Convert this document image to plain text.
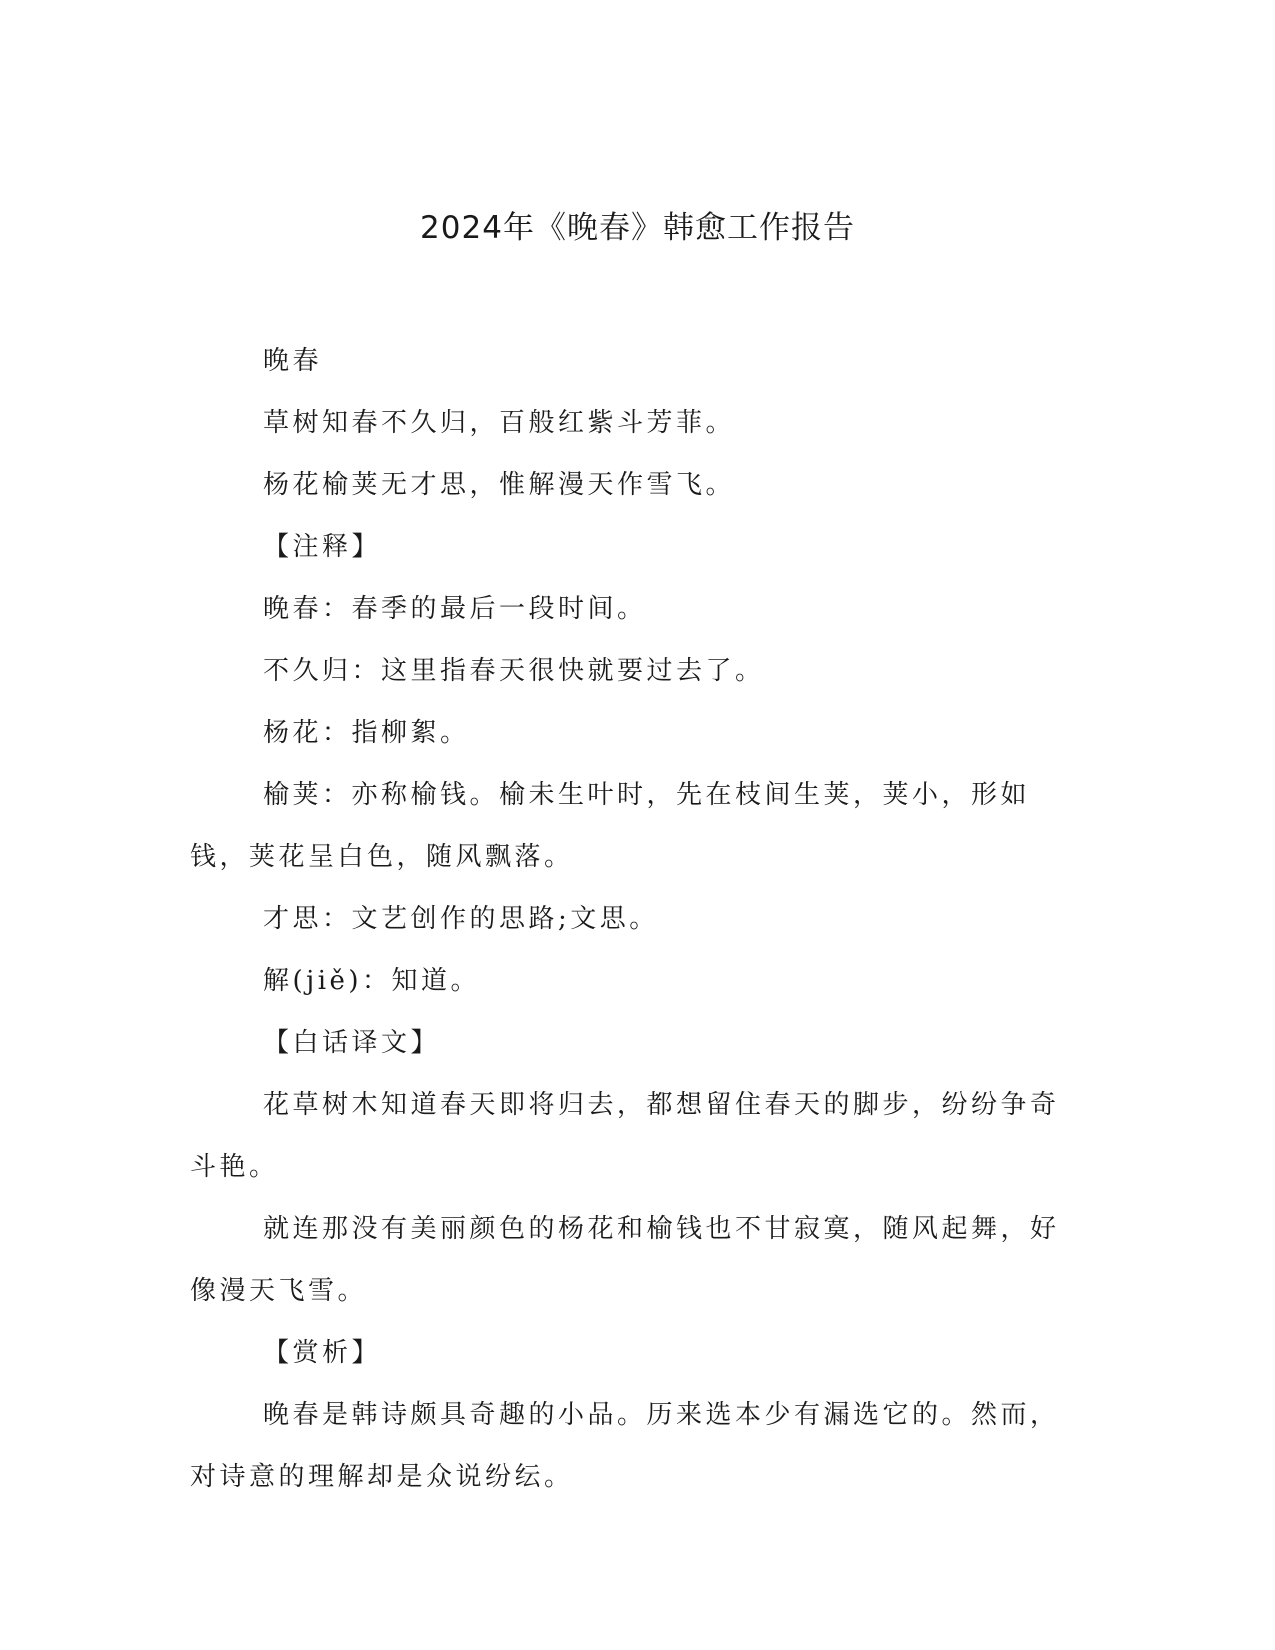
2024年《晚春》韩愈工作报告

晚春

草树知春不久归，百般红紫斗芳菲。

杨花榆荚无才思，惟解漫天作雪飞。

【注释】

晚春：春季的最后一段时间。

不久归：这里指春天很快就要过去了。

杨花：指柳絮。

榆荚：亦称榆钱。榆未生叶时，先在枝间生荚，荚小，形如钱，荚花呈白色，随风飘落。

才思：文艺创作的思路;文思。

解(jiě)：知道。

【白话译文】

花草树木知道春天即将归去，都想留住春天的脚步，纷纷争奇斗艳。

就连那没有美丽颜色的杨花和榆钱也不甘寂寞，随风起舞，好像漫天飞雪。

【赏析】

晚春是韩诗颇具奇趣的小品。历来选本少有漏选它的。然而，对诗意的理解却是众说纷纭。
